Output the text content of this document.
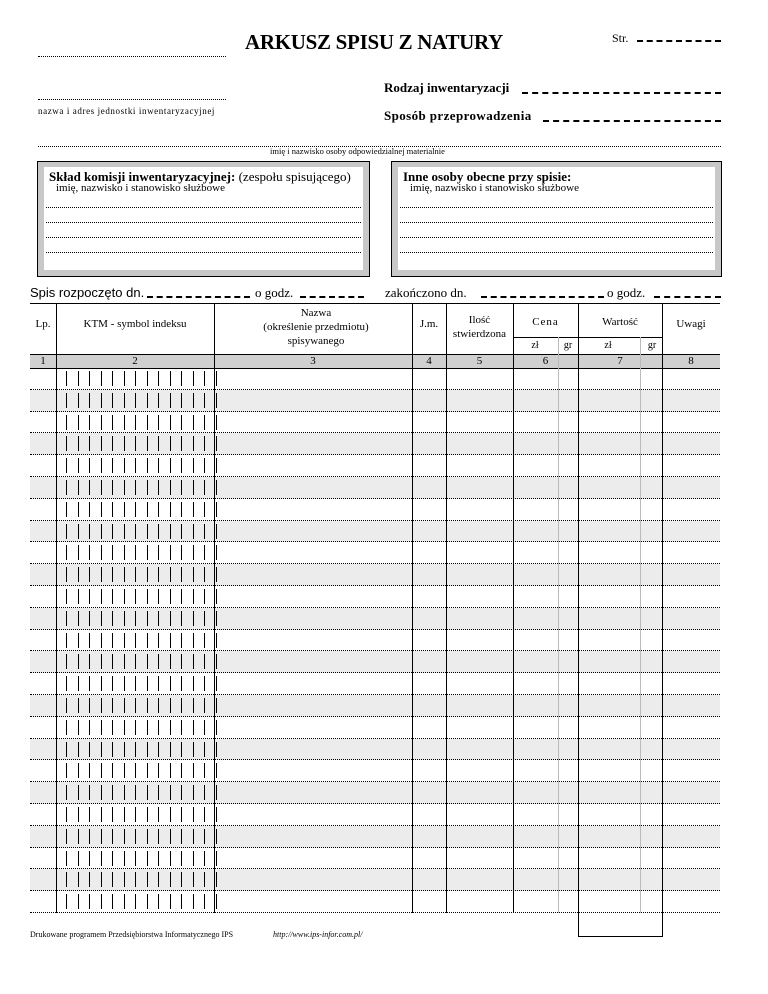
ARKUSZ SPISU Z NATURY	Str.
nazwa i adres jednostki inwentaryzacyjnej
Rodzaj inwentaryzacji
Sposób przeprowadzenia
imię i nazwisko osoby odpowiedzialnej materialnie
Skład komisji inwentaryzacyjnej: (zespołu spisującego)
imię, nazwisko i stanowisko służbowe
Inne osoby obecne przy spisie:
imię, nazwisko i stanowisko służbowe
Spis rozpoczęto dn.	o godz.	zakończono dn.	o godz.
Lp.	KTM - symbol indeksu
Nazwa
(określenie przedmiotu)
spisywanego
J.m.	Ilość
stwierdzona
Cena	Wartość	Uwagi
zł	gr	zł	gr
1	2	3	4	5	6	7	8
Drukowane programem Przedsiębiorstwa Informatycznego IPS	http://www.ips-infor.com.pl/
